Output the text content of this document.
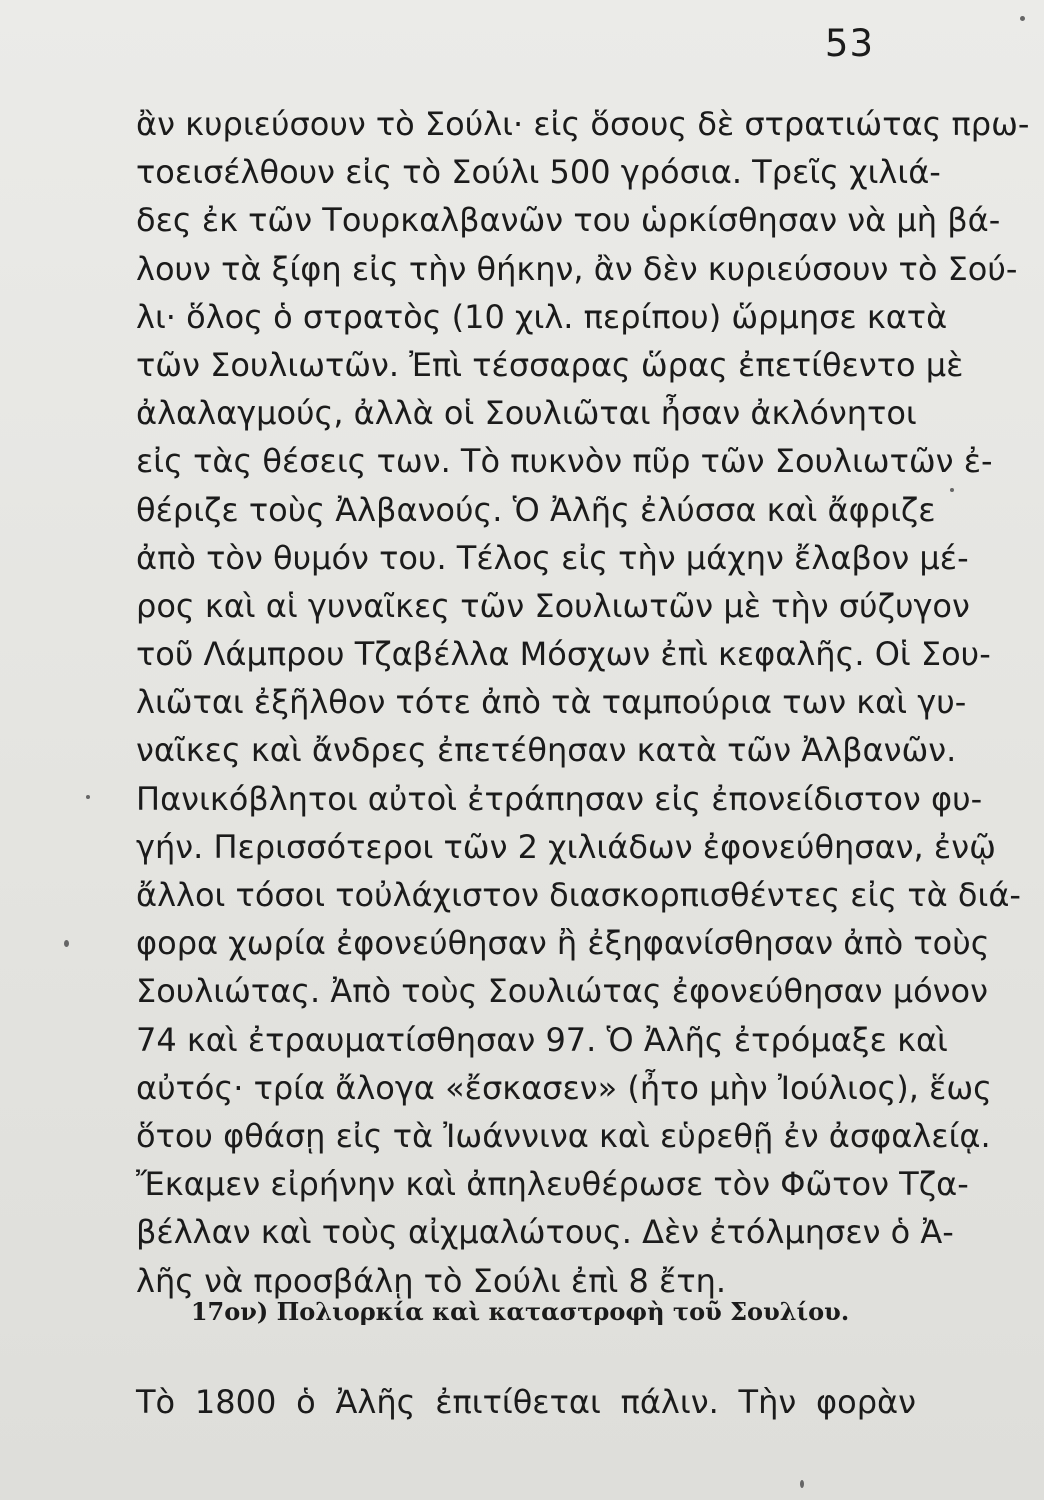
53
ἂν κυριεύσουν τὸ Σούλι· εἰς ὅσους δὲ στρατιώτας πρω-
τοεισέλθουν εἰς τὸ Σούλι 500 γρόσια. Τρεῖς χιλιά-
δες ἐκ τῶν Τουρκαλβανῶν του ὡρκίσθησαν νὰ μὴ βά-
λουν τὰ ξίφη εἰς τὴν θήκην, ἂν δὲν κυριεύσουν τὸ Σού-
λι· ὅλος ὁ στρατὸς (10 χιλ. περίπου) ὥρμησε κατὰ
τῶν Σουλιωτῶν. Ἐπὶ τέσσαρας ὥρας ἐπετίθεντο μὲ
ἀλαλαγμούς, ἀλλὰ οἱ Σουλιῶται ἦσαν ἀκλόνητοι
εἰς τὰς θέσεις των. Τὸ πυκνὸν πῦρ τῶν Σουλιωτῶν ἐ-
θέριζε τοὺς Ἀλβανούς. Ὁ Ἀλῆς ἐλύσσα καὶ ἄφριζε
ἀπὸ τὸν θυμόν του. Τέλος εἰς τὴν μάχην ἔλαβον μέ-
ρος καὶ αἱ γυναῖκες τῶν Σουλιωτῶν μὲ τὴν σύζυγον
τοῦ Λάμπρου Τζαβέλλα Μόσχων ἐπὶ κεφαλῆς. Οἱ Σου-
λιῶται ἐξῆλθον τότε ἀπὸ τὰ ταμπούρια των καὶ γυ-
ναῖκες καὶ ἄνδρες ἐπετέθησαν κατὰ τῶν Ἀλβανῶν.
Πανικόβλητοι αὐτοὶ ἐτράπησαν εἰς ἐπονείδιστον φυ-
γήν. Περισσότεροι τῶν 2 χιλιάδων ἐφονεύθησαν, ἐνῷ
ἄλλοι τόσοι τοὐλάχιστον διασκορπισθέντες εἰς τὰ διά-
φορα χωρία ἐφονεύθησαν ἢ ἐξηφανίσθησαν ἀπὸ τοὺς
Σουλιώτας. Ἀπὸ τοὺς Σουλιώτας ἐφονεύθησαν μόνον
74 καὶ ἐτραυματίσθησαν 97. Ὁ Ἀλῆς ἐτρόμαξε καὶ
αὐτός· τρία ἄλογα «ἔσκασεν» (ἦτο μὴν Ἰούλιος), ἕως
ὅτου φθάσῃ εἰς τὰ Ἰωάννινα καὶ εὑρεθῇ ἐν ἀσφαλείᾳ.
Ἔκαμεν εἰρήνην καὶ ἀπηλευθέρωσε τὸν Φῶτον Τζα-
βέλλαν καὶ τοὺς αἰχμαλώτους. Δὲν ἐτόλμησεν ὁ Ἀ-
λῆς νὰ προσβάλῃ τὸ Σούλι ἐπὶ 8 ἔτη.
17ον) Πολιορκία καὶ καταστροφὴ τοῦ Σουλίου.
Τὸ 1800 ὁ Ἀλῆς ἐπιτίθεται πάλιν. Τὴν φορὰν
